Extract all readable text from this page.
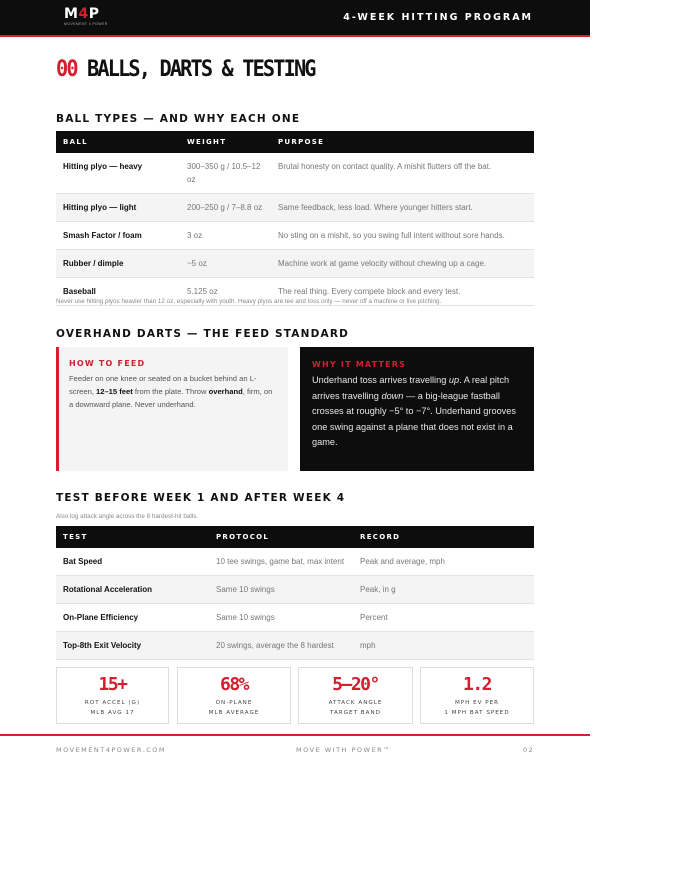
M4P
MOVEMENT 4 POWER
4-WEEK HITTING PROGRAM
00 BALLS, DARTS & TESTING
BALL TYPES — AND WHY EACH ONE
BALL	WEIGHT	PURPOSE
Hitting plyo — heavy	300–350 g / 10.5–12 oz	Brutal honesty on contact quality. A mishit flutters off the bat.
Hitting plyo — light	200–250 g / 7–8.8 oz	Same feedback, less load. Where younger hitters start.
Smash Factor / foam	3 oz	No sting on a mishit, so you swing full intent without sore hands.
Rubber / dimple	~5 oz	Machine work at game velocity without chewing up a cage.
Baseball	5.125 oz	The real thing. Every compete block and every test.
Never use hitting plyos heavier than 12 oz, especially with youth. Heavy plyos are tee and toss only — never off a machine or live pitching.
OVERHAND DARTS — THE FEED STANDARD
HOW TO FEED
Feeder on one knee or seated on a bucket behind an L-screen, 12–15 feet from the plate. Throw overhand, firm, on a downward plane. Never underhand.
WHY IT MATTERS
Underhand toss arrives travelling up. A real pitch arrives travelling down — a big-league fastball crosses at roughly −5° to −7°. Underhand grooves one swing against a plane that does not exist in a game.
TEST BEFORE WEEK 1 AND AFTER WEEK 4
Also log attack angle across the 8 hardest-hit balls.
TEST	PROTOCOL	RECORD
Bat Speed	10 tee swings, game bat, max intent	Peak and average, mph
Rotational Acceleration	Same 10 swings	Peak, in g
On-Plane Efficiency	Same 10 swings	Percent
Top-8th Exit Velocity	20 swings, average the 8 hardest	mph
15+
ROT ACCEL (G)
MLB AVG 17
68%
ON-PLANE
MLB AVERAGE
5–20°
ATTACK ANGLE
TARGET BAND
1.2
MPH EV PER
1 MPH BAT SPEED
MOVEMENT4POWER.COM	MOVE WITH POWER™	02
